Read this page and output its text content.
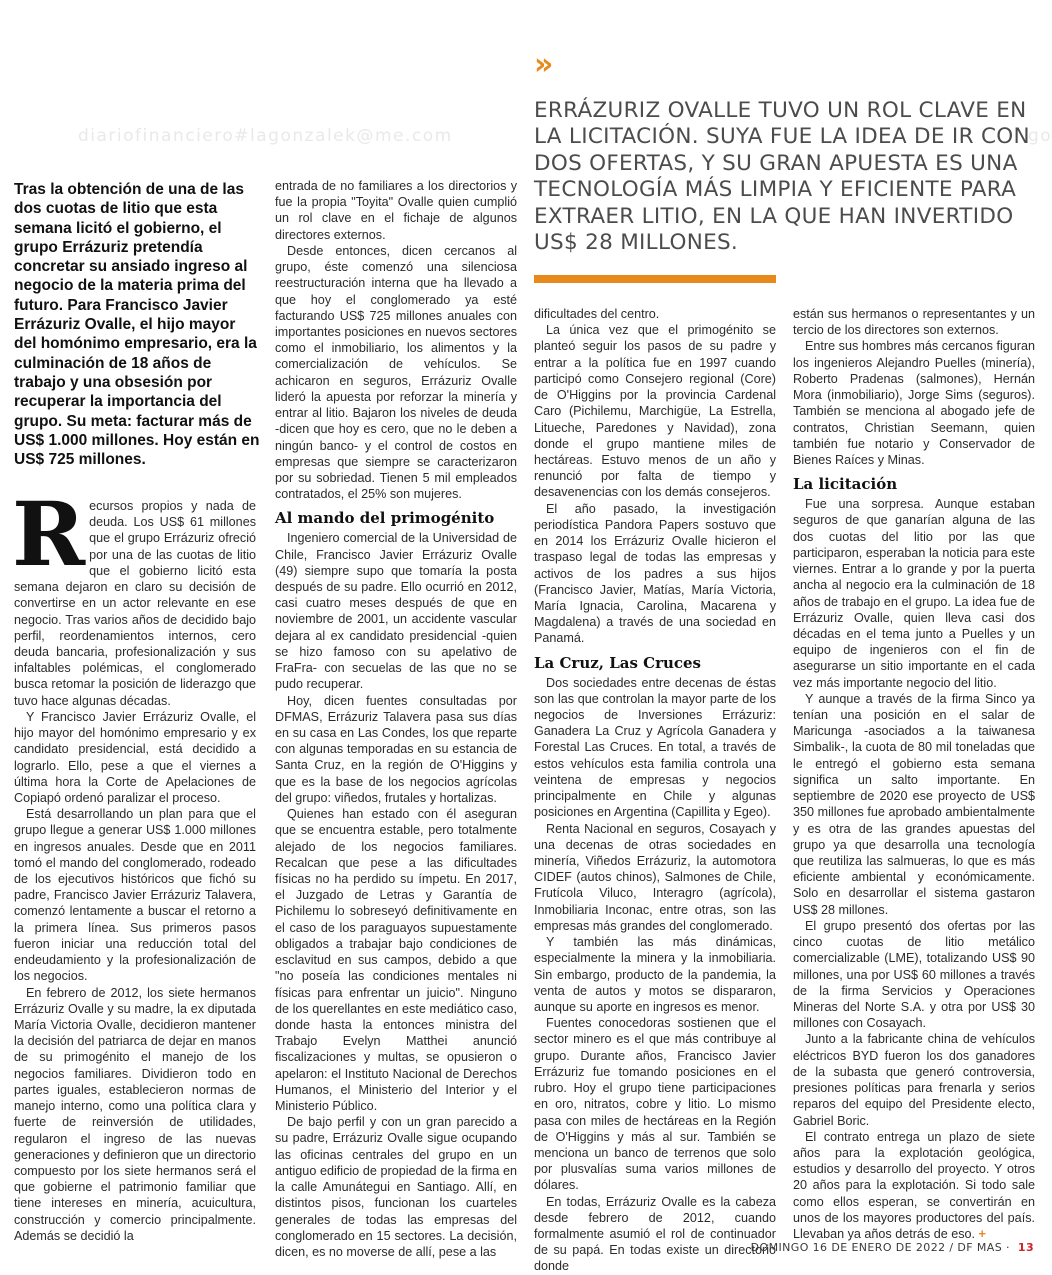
diariofinanciero#lagonzalek@me.com	go
»
ERRÁZURIZ OVALLE TUVO UN ROL CLAVE EN LA LICITACIÓN. SUYA FUE LA IDEA DE IR CON DOS OFERTAS, Y SU GRAN APUESTA ES UNA TECNOLOGÍA MÁS LIMPIA Y EFICIENTE PARA EXTRAER LITIO, EN LA QUE HAN INVERTIDO US$ 28 MILLONES.
Tras la obtención de una de las dos cuotas de litio que esta semana licitó el gobierno, el grupo Errázuriz pretendía concretar su ansiado ingreso al negocio de la materia prima del futuro. Para Francisco Javier Errázuriz Ovalle, el hijo mayor del homónimo empresario, era la culminación de 18 años de trabajo y una obsesión por recuperar la importancia del grupo. Su meta: facturar más de US$ 1.000 millones. Hoy están en US$ 725 millones.

Recursos propios y nada de deuda. Los US$ 61 millones que el grupo Errázuriz ofreció por una de las cuotas de litio que el gobierno licitó esta semana dejaron en claro su decisión de convertirse en un actor relevante en ese negocio. Tras varios años de decidido bajo perfil, reordenamientos internos, cero deuda bancaria, profesionalización y sus infaltables polémicas, el conglomerado busca retomar la posición de liderazgo que tuvo hace algunas décadas.

Y Francisco Javier Errázuriz Ovalle, el hijo mayor del homónimo empresario y ex candidato presidencial, está decidido a lograrlo. Ello, pese a que el viernes a última hora la Corte de Apelaciones de Copiapó ordenó paralizar el proceso.

Está desarrollando un plan para que el grupo llegue a generar US$ 1.000 millones en ingresos anuales. Desde que en 2011 tomó el mando del conglomerado, rodeado de los ejecutivos históricos que fichó su padre, Francisco Javier Errázuriz Talavera, comenzó lentamente a buscar el retorno a la primera línea. Sus primeros pasos fueron iniciar una reducción total del endeudamiento y la profesionalización de los negocios.

En febrero de 2012, los siete hermanos Errázuriz Ovalle y su madre, la ex diputada María Victoria Ovalle, decidieron mantener la decisión del patriarca de dejar en manos de su primogénito el manejo de los negocios familiares. Dividieron todo en partes iguales, establecieron normas de manejo interno, como una política clara y fuerte de reinversión de utilidades, regularon el ingreso de las nuevas generaciones y definieron que un directorio compuesto por los siete hermanos será el que gobierne el patrimonio familiar que tiene intereses en minería, acuicultura, construcción y comercio principalmente. Además se decidió la

entrada de no familiares a los directorios y fue la propia "Toyita" Ovalle quien cumplió un rol clave en el fichaje de algunos directores externos.

Desde entonces, dicen cercanos al grupo, éste comenzó una silenciosa reestructuración interna que ha llevado a que hoy el conglomerado ya esté facturando US$ 725 millones anuales con importantes posiciones en nuevos sectores como el inmobiliario, los alimentos y la comercialización de vehículos. Se achicaron en seguros, Errázuriz Ovalle lideró la apuesta por reforzar la minería y entrar al litio. Bajaron los niveles de deuda -dicen que hoy es cero, que no le deben a ningún banco- y el control de costos en empresas que siempre se caracterizaron por su sobriedad. Tienen 5 mil empleados contratados, el 25% son mujeres.

Al mando del primogénito

Ingeniero comercial de la Universidad de Chile, Francisco Javier Errázuriz Ovalle (49) siempre supo que tomaría la posta después de su padre. Ello ocurrió en 2012, casi cuatro meses después de que en noviembre de 2001, un accidente vascular dejara al ex candidato presidencial -quien se hizo famoso con su apelativo de FraFra- con secuelas de las que no se pudo recuperar.

Hoy, dicen fuentes consultadas por DFMAS, Errázuriz Talavera pasa sus días en su casa en Las Condes, los que reparte con algunas temporadas en su estancia de Santa Cruz, en la región de O'Higgins y que es la base de los negocios agrícolas del grupo: viñedos, frutales y hortalizas.

Quienes han estado con él aseguran que se encuentra estable, pero totalmente alejado de los negocios familiares. Recalcan que pese a las dificultades físicas no ha perdido su ímpetu. En 2017, el Juzgado de Letras y Garantía de Pichilemu lo sobreseyó definitivamente en el caso de los paraguayos supuestamente obligados a trabajar bajo condiciones de esclavitud en sus campos, debido a que "no poseía las condiciones mentales ni físicas para enfrentar un juicio". Ninguno de los querellantes en este mediático caso, donde hasta la entonces ministra del Trabajo Evelyn Matthei anunció fiscalizaciones y multas, se opusieron o apelaron: el Instituto Nacional de Derechos Humanos, el Ministerio del Interior y el Ministerio Público.

De bajo perfil y con un gran parecido a su padre, Errázuriz Ovalle sigue ocupando las oficinas centrales del grupo en un antiguo edificio de propiedad de la firma en la calle Amunátegui en Santiago. Allí, en distintos pisos, funcionan los cuarteles generales de todas las empresas del conglomerado en 15 sectores. La decisión, dicen, es no moverse de allí, pese a las

dificultades del centro.

La única vez que el primogénito se planteó seguir los pasos de su padre y entrar a la política fue en 1997 cuando participó como Consejero regional (Core) de O'Higgins por la provincia Cardenal Caro (Pichilemu, Marchigüe, La Estrella, Litueche, Paredones y Navidad), zona donde el grupo mantiene miles de hectáreas. Estuvo menos de un año y renunció por falta de tiempo y desavenencias con los demás consejeros.

El año pasado, la investigación periodística Pandora Papers sostuvo que en 2014 los Errázuriz Ovalle hicieron el traspaso legal de todas las empresas y activos de los padres a sus hijos (Francisco Javier, Matías, María Victoria, María Ignacia, Carolina, Macarena y Magdalena) a través de una sociedad en Panamá.

La Cruz, Las Cruces

Dos sociedades entre decenas de éstas son las que controlan la mayor parte de los negocios de Inversiones Errázuriz: Ganadera La Cruz y Agrícola Ganadera y Forestal Las Cruces. En total, a través de estos vehículos esta familia controla una veintena de empresas y negocios principalmente en Chile y algunas posiciones en Argentina (Capillita y Egeo).

Renta Nacional en seguros, Cosayach y una decenas de otras sociedades en minería, Viñedos Errázuriz, la automotora CIDEF (autos chinos), Salmones de Chile, Frutícola Viluco, Interagro (agrícola), Inmobiliaria Inconac, entre otras, son las empresas más grandes del conglomerado.

Y también las más dinámicas, especialmente la minera y la inmobiliaria. Sin embargo, producto de la pandemia, la venta de autos y motos se dispararon, aunque su aporte en ingresos es menor.

Fuentes conocedoras sostienen que el sector minero es el que más contribuye al grupo. Durante años, Francisco Javier Errázuriz fue tomando posiciones en el rubro. Hoy el grupo tiene participaciones en oro, nitratos, cobre y litio. Lo mismo pasa con miles de hectáreas en la Región de O'Higgins y más al sur. También se menciona un banco de terrenos que solo por plusvalías suma varios millones de dólares.

En todas, Errázuriz Ovalle es la cabeza desde febrero de 2012, cuando formalmente asumió el rol de continuador de su papá. En todas existe un directorio donde

están sus hermanos o representantes y un tercio de los directores son externos.

Entre sus hombres más cercanos figuran los ingenieros Alejandro Puelles (minería), Roberto Pradenas (salmones), Hernán Mora (inmobiliario), Jorge Sims (seguros). También se menciona al abogado jefe de contratos, Christian Seemann, quien también fue notario y Conservador de Bienes Raíces y Minas.

La licitación

Fue una sorpresa. Aunque estaban seguros de que ganarían alguna de las dos cuotas del litio por las que participaron, esperaban la noticia para este viernes. Entrar a lo grande y por la puerta ancha al negocio era la culminación de 18 años de trabajo en el grupo. La idea fue de Errázuriz Ovalle, quien lleva casi dos décadas en el tema junto a Puelles y un equipo de ingenieros con el fin de asegurarse un sitio importante en el cada vez más importante negocio del litio.

Y aunque a través de la firma Sinco ya tenían una posición en el salar de Maricunga -asociados a la taiwanesa Simbalik-, la cuota de 80 mil toneladas que le entregó el gobierno esta semana significa un salto importante. En septiembre de 2020 ese proyecto de US$ 350 millones fue aprobado ambientalmente y es otra de las grandes apuestas del grupo ya que desarrolla una tecnología que reutiliza las salmueras, lo que es más eficiente ambiental y económicamente. Solo en desarrollar el sistema gastaron US$ 28 millones.

El grupo presentó dos ofertas por las cinco cuotas de litio metálico comercializable (LME), totalizando US$ 90 millones, una por US$ 60 millones a través de la firma Servicios y Operaciones Mineras del Norte S.A. y otra por US$ 30 millones con Cosayach.

Junto a la fabricante china de vehículos eléctricos BYD fueron los dos ganadores de la subasta que generó controversia, presiones políticas para frenarla y serios reparos del equipo del Presidente electo, Gabriel Boric.

El contrato entrega un plazo de siete años para la explotación geológica, estudios y desarrollo del proyecto. Y otros 20 años para la explotación. Si todo sale como ellos esperan, se convertirán en unos de los mayores productores del país. Llevaban ya años detrás de eso. +

DOMINGO 16 DE ENERO DE 2022 / DF MAS · 13
